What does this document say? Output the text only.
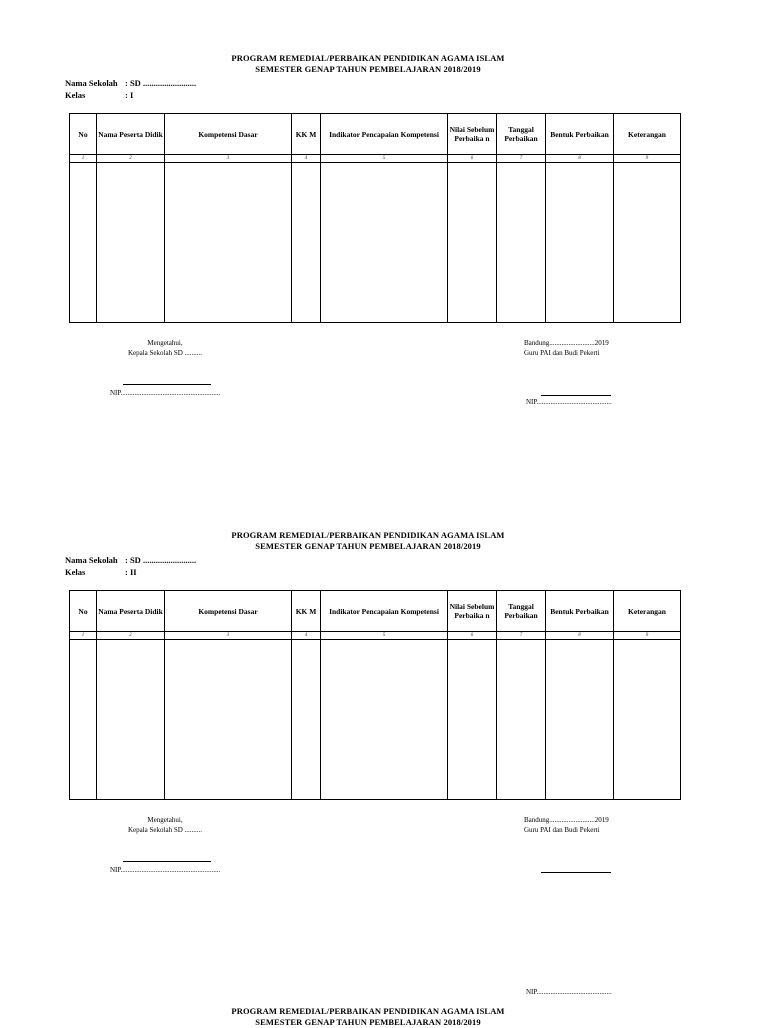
PROGRAM REMEDIAL/PERBAIKAN PENDIDIKAN AGAMA ISLAM
SEMESTER GENAP TAHUN PEMBELAJARAN 2018/2019
Nama Sekolah : SD .........................
Kelas	: I
No	Nama Peserta Didik	Kompetensi Dasar	KK M	Indikator Pencapaian Kompetensi	Nilai Sebelum Perbaika n	Tanggal Perbaikan	Bentuk Perbaikan	Keterangan
1	2	3	4	5	6	7	8	9

Mengetahui,
Kepala Sekolah SD ..........
NIP.........................................................
Bandung..........................2019
Guru PAI dan Budi Pekerti
NIP...........................................
PROGRAM REMEDIAL/PERBAIKAN PENDIDIKAN AGAMA ISLAM
SEMESTER GENAP TAHUN PEMBELAJARAN 2018/2019
Nama Sekolah : SD .........................
Kelas	: II
No	Nama Peserta Didik	Kompetensi Dasar	KK M	Indikator Pencapaian Kompetensi	Nilai Sebelum Perbaika n	Tanggal Perbaikan	Bentuk Perbaikan	Keterangan
1	2	3	4	5	6	7	8	9

Mengetahui,
Kepala Sekolah SD ..........
NIP.........................................................
Bandung..........................2019
Guru PAI dan Budi Pekerti
NIP...........................................
PROGRAM REMEDIAL/PERBAIKAN PENDIDIKAN AGAMA ISLAM
SEMESTER GENAP TAHUN PEMBELAJARAN 2018/2019
